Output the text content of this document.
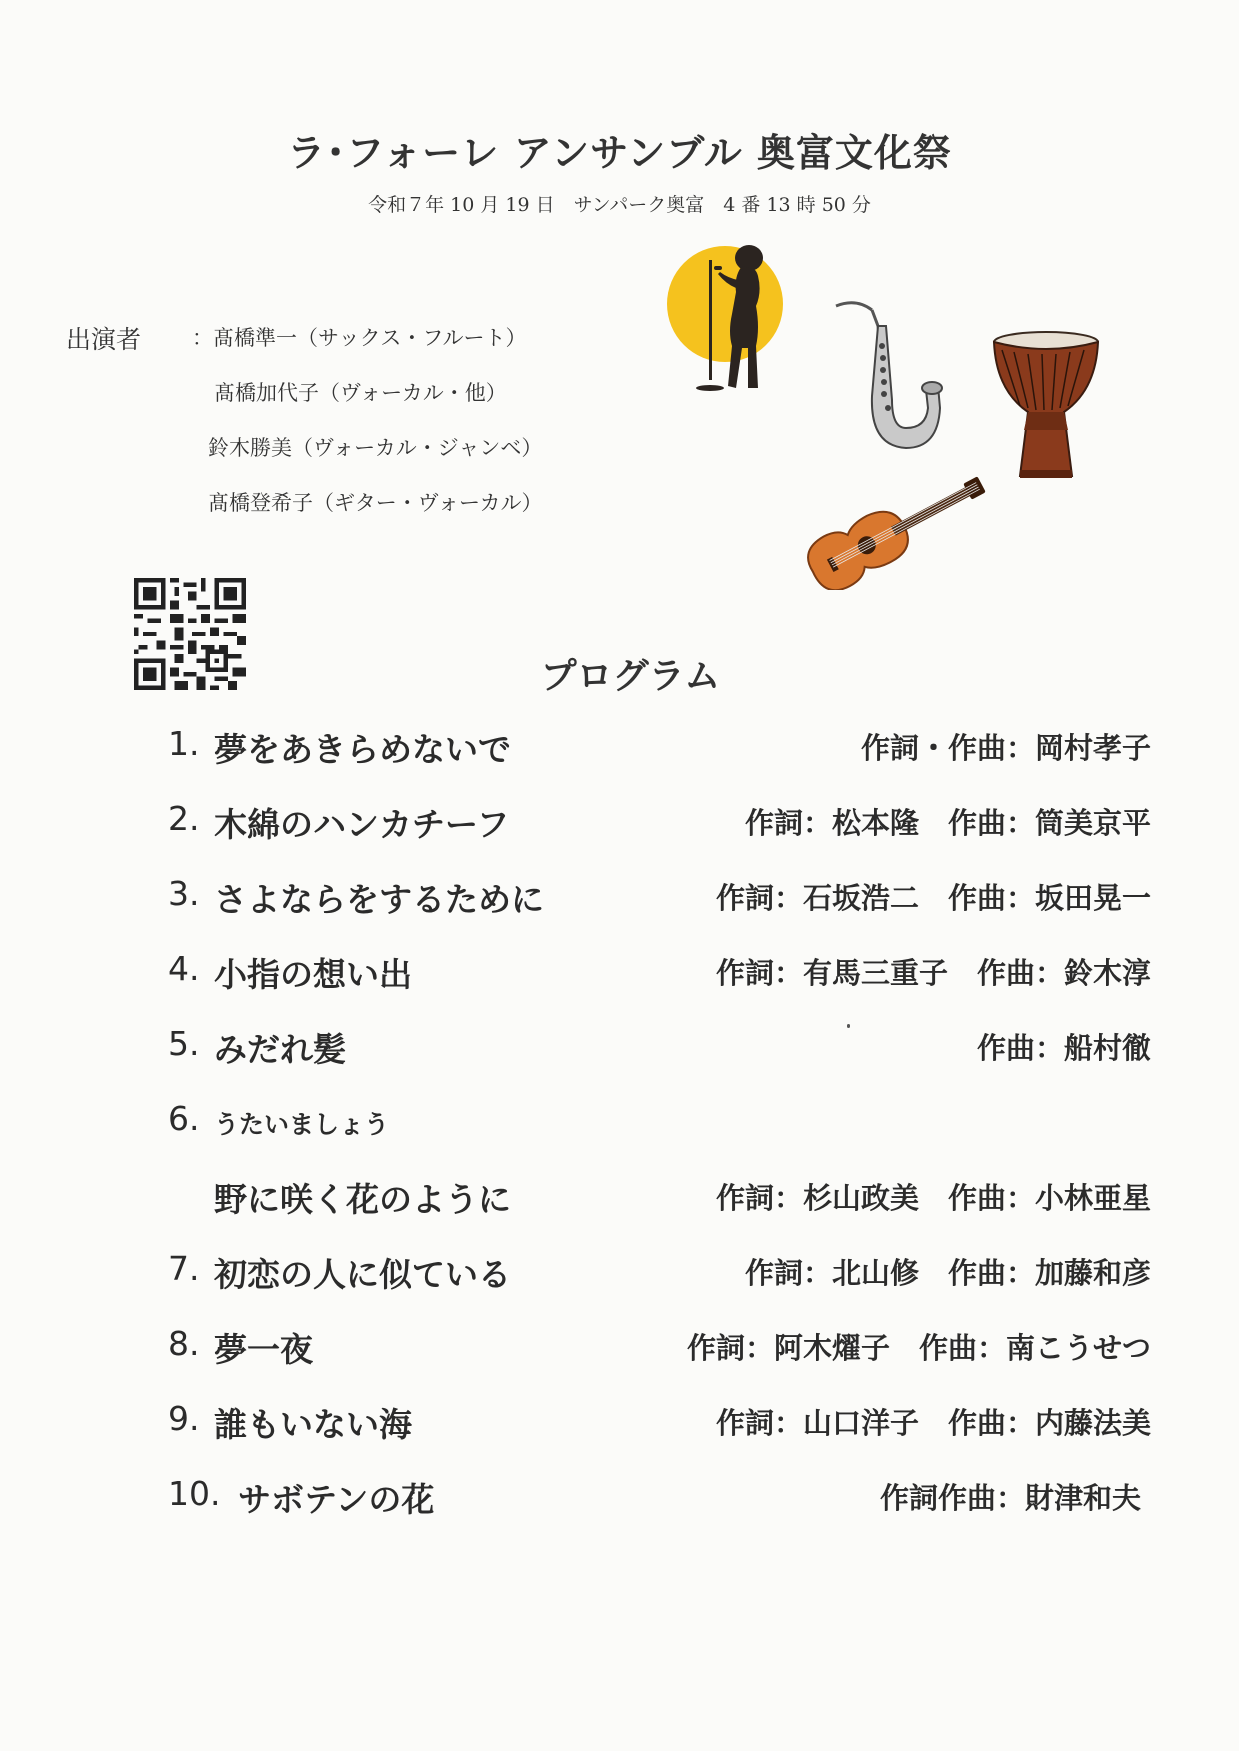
ラ･フォーレ アンサンブル 奥富文化祭
令和７年 10 月 19 日　サンパーク奥富　4 番 13 時 50 分
出演者 ：髙橋準一（サックス・フルート）
髙橋加代子（ヴォーカル・他）
鈴木勝美（ヴォーカル・ジャンベ）
髙橋登希子（ギター・ヴォーカル）
プログラム
1. 夢をあきらめないで	作詞・作曲：岡村孝子
2. 木綿のハンカチーフ	作詞：松本隆　作曲：筒美京平
3. さよならをするために	作詞：石坂浩二　作曲：坂田晃一
4. 小指の想い出	作詞：有馬三重子　作曲：鈴木淳
5. みだれ髪	作曲：船村徹
6. うたいましょう
野に咲く花のように	作詞：杉山政美　作曲：小林亜星
7. 初恋の人に似ている	作詞：北山修　作曲：加藤和彦
8. 夢一夜	作詞：阿木燿子　作曲：南こうせつ
9. 誰もいない海	作詞：山口洋子　作曲：内藤法美
10. サボテンの花	作詞作曲：財津和夫
